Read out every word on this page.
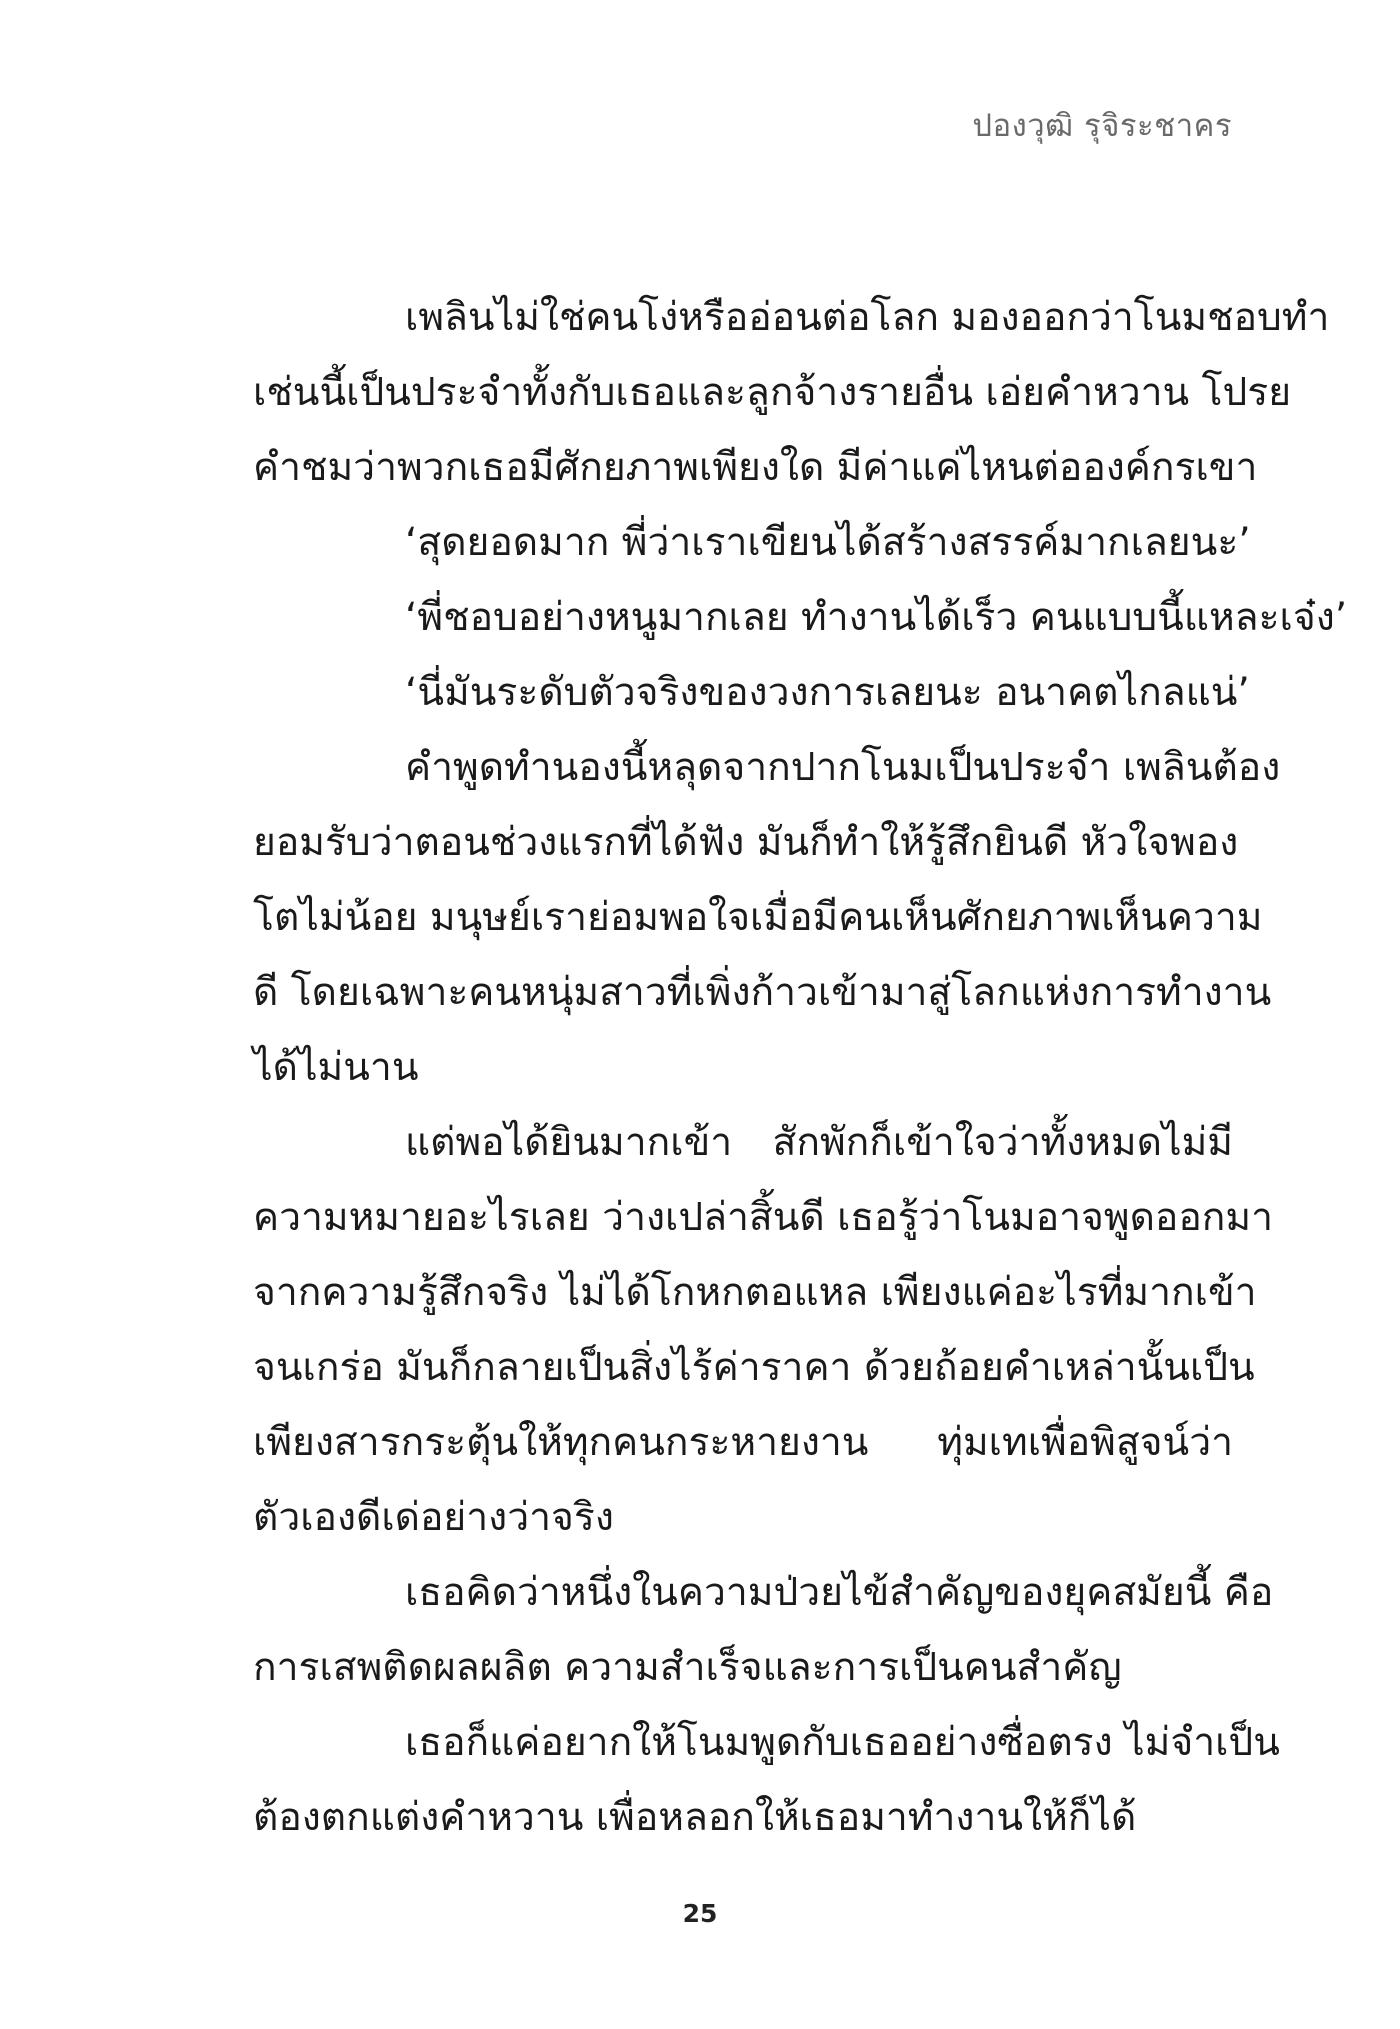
ปองวุฒิ รุจิระชาคร
เพลินไม่ใช่คนโง่หรืออ่อนต่อโลก มองออกว่าโนมชอบทำ
เช่นนี้เป็นประจำทั้งกับเธอและลูกจ้างรายอื่น เอ่ยคำหวาน โปรย
คำชมว่าพวกเธอมีศักยภาพเพียงใด มีค่าแค่ไหนต่อองค์กรเขา
‘สุดยอดมาก พี่ว่าเราเขียนได้สร้างสรรค์มากเลยนะ’
‘พี่ชอบอย่างหนูมากเลย ทำงานได้เร็ว คนแบบนี้แหละเจ๋ง’
‘นี่มันระดับตัวจริงของวงการเลยนะ อนาคตไกลแน่’
คำพูดทำนองนี้หลุดจากปากโนมเป็นประจำ เพลินต้อง
ยอมรับว่าตอนช่วงแรกที่ได้ฟัง มันก็ทำให้รู้สึกยินดี หัวใจพอง
โตไม่น้อย มนุษย์เราย่อมพอใจเมื่อมีคนเห็นศักยภาพเห็นความ
ดี โดยเฉพาะคนหนุ่มสาวที่เพิ่งก้าวเข้ามาสู่โลกแห่งการทำงาน
ได้ไม่นาน
แต่พอได้ยินมากเข้า สักพักก็เข้าใจว่าทั้งหมดไม่มี
ความหมายอะไรเลย ว่างเปล่าสิ้นดี เธอรู้ว่าโนมอาจพูดออกมา
จากความรู้สึกจริง ไม่ได้โกหกตอแหล เพียงแค่อะไรที่มากเข้า
จนเกร่อ มันก็กลายเป็นสิ่งไร้ค่าราคา ด้วยถ้อยคำเหล่านั้นเป็น
เพียงสารกระตุ้นให้ทุกคนกระหายงาน ทุ่มเทเพื่อพิสูจน์ว่า
ตัวเองดีเด่อย่างว่าจริง
เธอคิดว่าหนึ่งในความป่วยไข้สำคัญของยุคสมัยนี้ คือ
การเสพติดผลผลิต ความสำเร็จและการเป็นคนสำคัญ
เธอก็แค่อยากให้โนมพูดกับเธออย่างซื่อตรง ไม่จำเป็น
ต้องตกแต่งคำหวาน เพื่อหลอกให้เธอมาทำงานให้ก็ได้
25
